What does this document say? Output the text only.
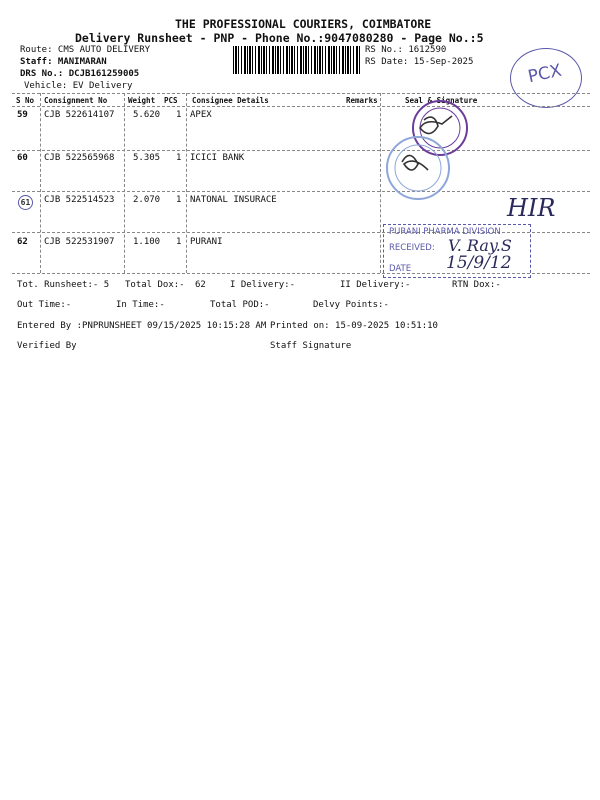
THE PROFESSIONAL COURIERS, COIMBATORE
Delivery Runsheet - PNP - Phone No.:9047080280 - Page No.:5
Route: CMS AUTO DELIVERY
Staff: MANIMARAN
DRS No.: DCJB161259005
Vehicle: EV Delivery
RS No.: 1612590
RS Date: 15-Sep-2025	PCX
S No Consignment No	Weight PCS Consignee Details	Remarks	Seal & Signature
59 CJB 522614107 5.620 1 APEX
60 CJB 522565968 5.305 1 ICICI BANK
61 CJB 522514523 2.070 1 NATONAL INSURACE
62 CJB 522531907 1.100 1 PURANI
HIR
PURANI PHARMA DIVISION
RECEIVED: V. Ray.S
DATE 15/9/12
Tot. Runsheet:- 5 Total Dox:- 62	I Delivery:-	II Delivery:-	RTN Dox:-
Out Time:-	In Time:-	Total POD:-	Delvy Points:-
Entered By :PNPRUNSHEET 09/15/2025 10:15:28 AM Printed on: 15-09-2025 10:51:10
Verified By	Staff Signature
